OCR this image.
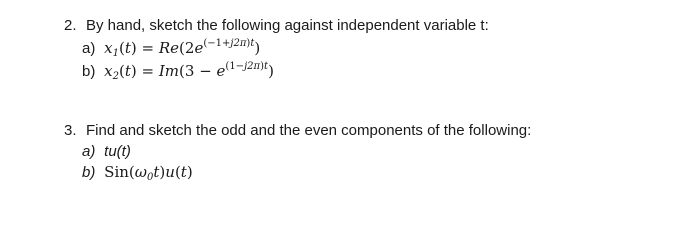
2. By hand, sketch the following against independent variable t:
a) $x_1(t) = Re(2e^{(-1+j2\pi)t})$
b) $x_2(t) = Im(3 - e^{(1-j2\pi)t})$
3. Find and sketch the odd and the even components of the following:
a) tu(t)
b) $Sin(\omega_0t)u(t)$
